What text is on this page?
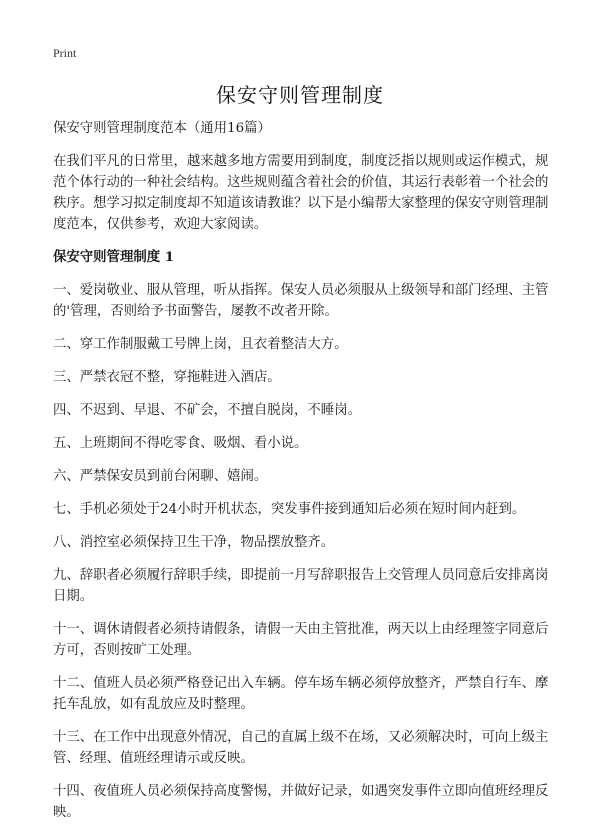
Print
保安守则管理制度

保安守则管理制度范本（通用16篇）

在我们平凡的日常里，越来越多地方需要用到制度，制度泛指以规则或运作模式，规范个体行动的一种社会结构。这些规则蕴含着社会的价值，其运行表彰着一个社会的秩序。想学习拟定制度却不知道该请教谁？以下是小编帮大家整理的保安守则管理制度范本，仅供参考，欢迎大家阅读。

保安守则管理制度 1

一、爱岗敬业、服从管理，听从指挥。保安人员必须服从上级领导和部门经理、主管的'管理，否则给予书面警告，屡教不改者开除。

二、穿工作制服戴工号牌上岗，且衣着整洁大方。

三、严禁衣冠不整，穿拖鞋进入酒店。

四、不迟到、早退、不矿会，不擅自脱岗，不睡岗。

五、上班期间不得吃零食、吸烟、看小说。

六、严禁保安员到前台闲聊、嬉闹。

七、手机必须处于24小时开机状态，突发事件接到通知后必须在短时间内赶到。

八、消控室必须保持卫生干净，物品摆放整齐。

九、辞职者必须履行辞职手续，即提前一月写辞职报告上交管理人员同意后安排离岗日期。

十一、调休请假者必须持请假条，请假一天由主管批准，两天以上由经理签字同意后方可，否则按旷工处理。

十二、值班人员必须严格登记出入车辆。停车场车辆必须停放整齐，严禁自行车、摩托车乱放，如有乱放应及时整理。

十三、在工作中出现意外情况，自己的直属上级不在场，又必须解决时，可向上级主管、经理、值班经理请示或反映。

十四、夜值班人员必须保持高度警惕，并做好记录，如遇突发事件立即向值班经理反映。
